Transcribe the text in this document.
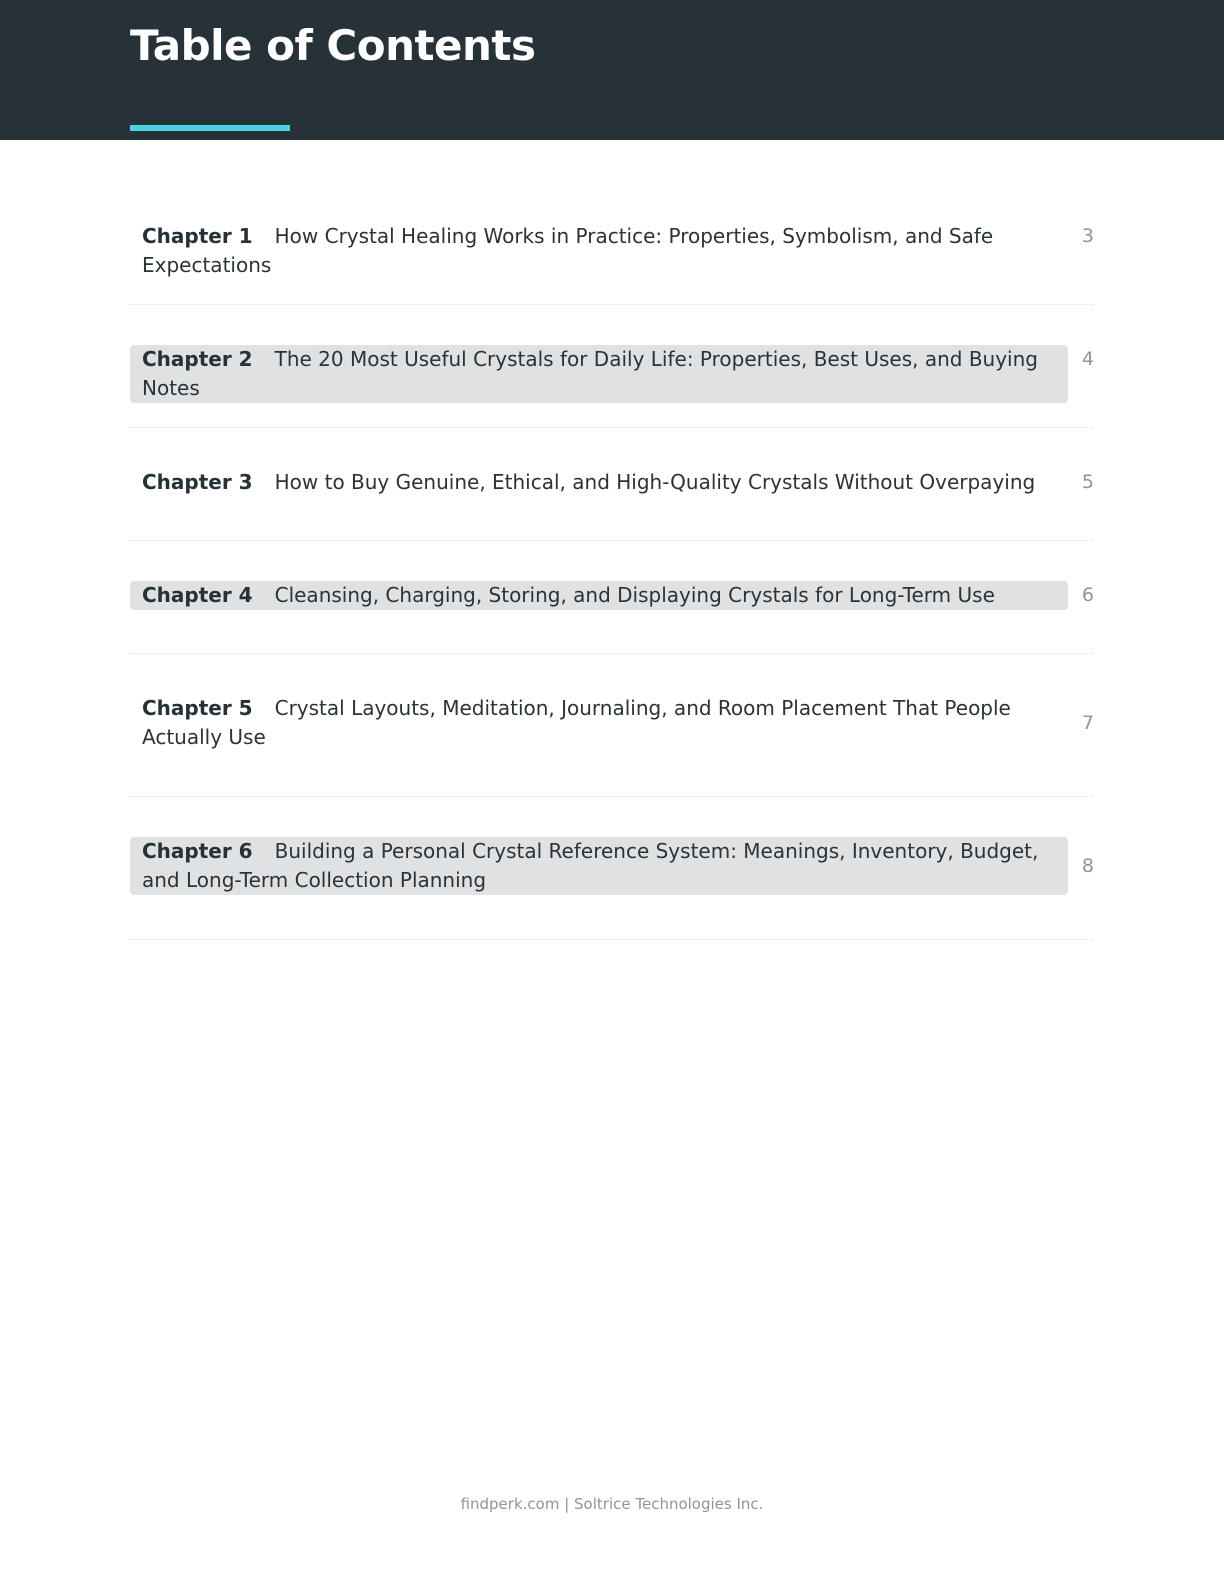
Table of Contents
Chapter 1 How Crystal Healing Works in Practice: Properties, Symbolism, and Safe Expectations
3
Chapter 2 The 20 Most Useful Crystals for Daily Life: Properties, Best Uses, and Buying Notes
4
Chapter 3 How to Buy Genuine, Ethical, and High-Quality Crystals Without Overpaying	5
Chapter 4 Cleansing, Charging, Storing, and Displaying Crystals for Long-Term Use	6
Chapter 5 Crystal Layouts, Meditation, Journaling, and Room Placement That People Actually Use
7
Chapter 6 Building a Personal Crystal Reference System: Meanings, Inventory, Budget, and Long-Term Collection Planning
8
findperk.com | Soltrice Technologies Inc.
